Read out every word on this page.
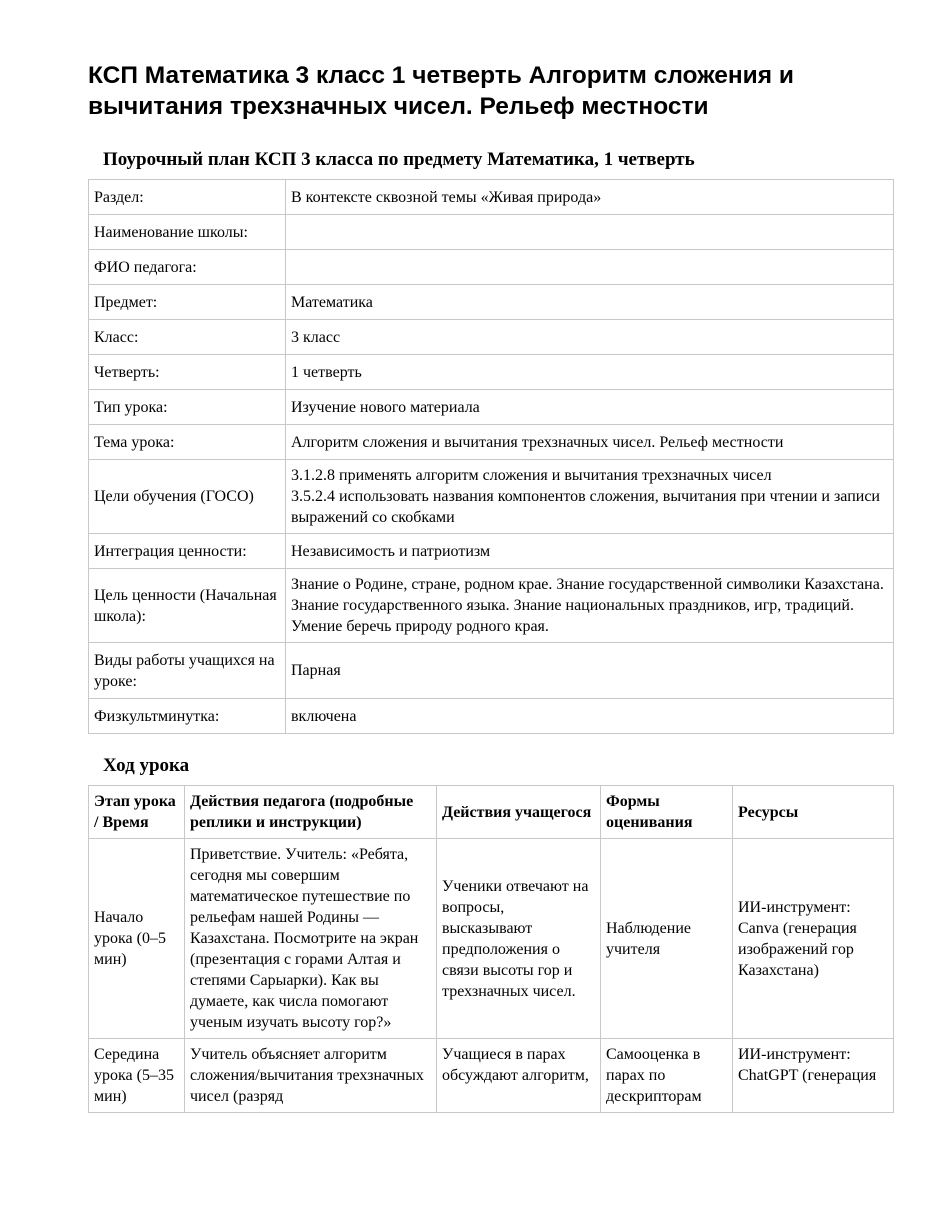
КСП Математика 3 класс 1 четверть Алгоритм сложения и вычитания трехзначных чисел. Рельеф местности
Поурочный план КСП 3 класса по предмету Математика, 1 четверть
Раздел:	В контексте сквозной темы «Живая природа»
Наименование школы:	
ФИО педагога:	
Предмет:	Математика
Класс:	3 класс
Четверть:	1 четверть
Тип урока:	Изучение нового материала
Тема урока:	Алгоритм сложения и вычитания трехзначных чисел. Рельеф местности
Цели обучения (ГОСО)	3.1.2.8 применять алгоритм сложения и вычитания трехзначных чисел
3.5.2.4 использовать названия компонентов сложения, вычитания при чтении и записи выражений со скобками

Интеграция ценности:	Независимость и патриотизм
Цель ценности (Начальная школа):	Знание о Родине, стране, родном крае. Знание государственной символики Казахстана. Знание государственного языка. Знание национальных праздников, игр, традиций. Умение беречь природу родного края.
Виды работы учащихся на уроке:	Парная
Физкультминутка:	включена
Ход урока
Этап урока / Время	Действия педагога (подробные реплики и инструкции)	Действия учащегося	Формы оценивания	Ресурсы
Начало урока (0–5 мин)	Приветствие. Учитель: «Ребята, сегодня мы совершим математическое путешествие по рельефам нашей Родины — Казахстана. Посмотрите на экран (презентация с горами Алтая и степями Сарыарки). Как вы думаете, как числа помогают ученым изучать высоту гор?»	Ученики отвечают на вопросы, высказывают предположения о связи высоты гор и трехзначных чисел.	Наблюдение учителя	ИИ-инструмент: Canva (генерация изображений гор Казахстана)
Середина урока (5–35 мин)	Учитель объясняет алгоритм сложения/вычитания трехзначных чисел (разряд	Учащиеся в парах обсуждают алгоритм,	Самооценка в парах по дескрипторам	ИИ-инструмент: ChatGPT (генерация
